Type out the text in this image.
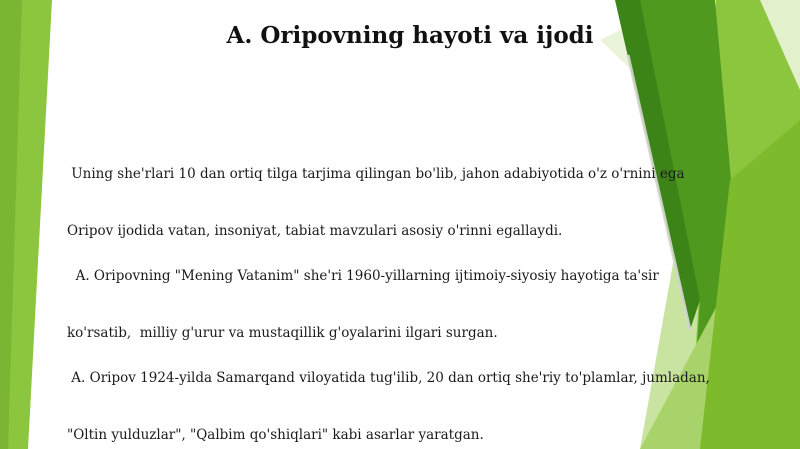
A. Oripovning hayoti va ijodi

Uning she'rlari 10 dan ortiq tilga tarjima qilingan bo'lib, jahon adabiyotida o'z o'rnini ega

Oripov ijodida vatan, insoniyat, tabiat mavzulari asosiy o'rinni egallaydi.

A. Oripovning "Mening Vatanim" she'ri 1960-yillarning ijtimoiy-siyosiy hayotiga ta'sir

ko'rsatib,  milliy g'urur va mustaqillik g'oyalarini ilgari surgan.

A. Oripov 1924-yilda Samarqand viloyatida tug'ilib, 20 dan ortiq she'riy to'plamlar, jumladan,

"Oltin yulduzlar", "Qalbim qo'shiqlari" kabi asarlar yaratgan.
